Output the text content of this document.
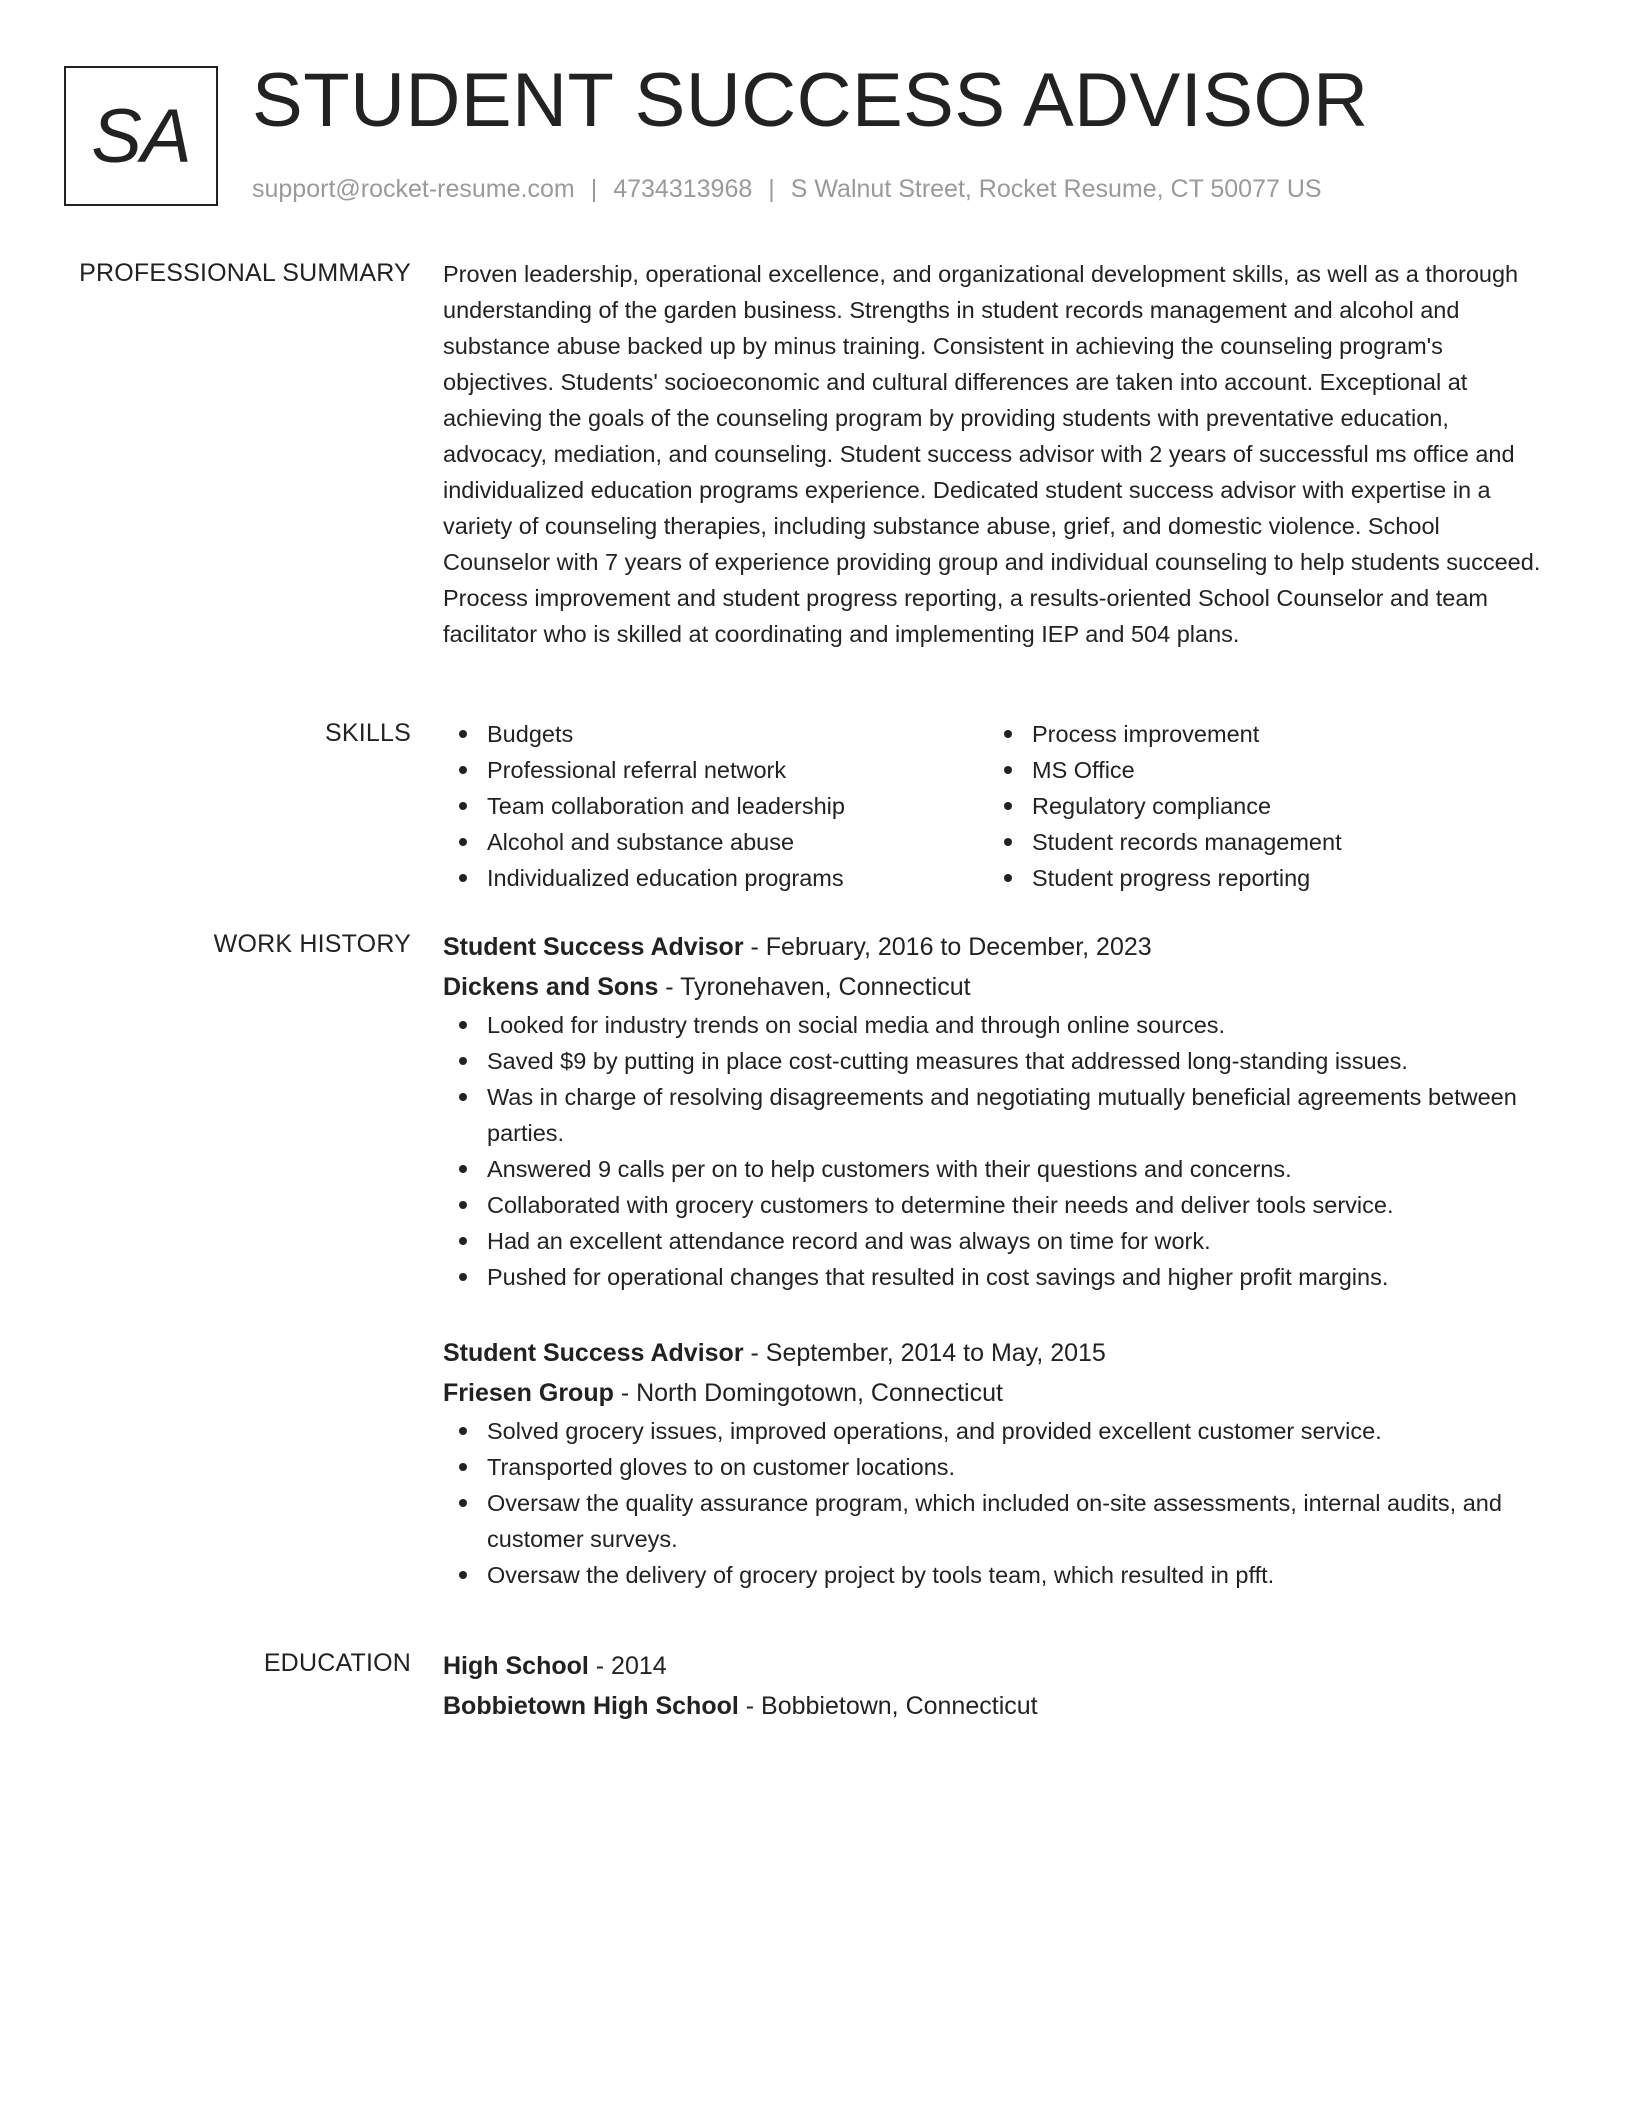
SA STUDENT SUCCESS ADVISOR
support@rocket-resume.com | 4734313968 | S Walnut Street, Rocket Resume, CT 50077 US
PROFESSIONAL SUMMARY Proven leadership, operational excellence, and organizational development skills, as well as a thorough understanding of the garden business. Strengths in student records management and alcohol and substance abuse backed up by minus training. Consistent in achieving the counseling program's objectives. Students' socioeconomic and cultural differences are taken into account. Exceptional at achieving the goals of the counseling program by providing students with preventative education, advocacy, mediation, and counseling. Student success advisor with 2 years of successful ms office and individualized education programs experience. Dedicated student success advisor with expertise in a variety of counseling therapies, including substance abuse, grief, and domestic violence. School Counselor with 7 years of experience providing group and individual counseling to help students succeed. Process improvement and student progress reporting, a results-oriented School Counselor and team facilitator who is skilled at coordinating and implementing IEP and 504 plans.

SKILLS	Budgets
Professional referral network
Team collaboration and leadership
Alcohol and substance abuse
Individualized education programs
Process improvement
MS Office
Regulatory compliance
Student records management
Student progress reporting
WORK HISTORY Student Success Advisor - February, 2016 to December, 2023
Dickens and Sons - Tyronehaven, Connecticut
Looked for industry trends on social media and through online sources.
Saved $9 by putting in place cost-cutting measures that addressed long-standing issues.
Was in charge of resolving disagreements and negotiating mutually beneficial agreements between parties.
Answered 9 calls per on to help customers with their questions and concerns.
Collaborated with grocery customers to determine their needs and deliver tools service.
Had an excellent attendance record and was always on time for work.
Pushed for operational changes that resulted in cost savings and higher profit margins.
Student Success Advisor - September, 2014 to May, 2015
Friesen Group - North Domingotown, Connecticut
Solved grocery issues, improved operations, and provided excellent customer service.
Transported gloves to on customer locations.
Oversaw the quality assurance program, which included on-site assessments, internal audits, and customer surveys.
Oversaw the delivery of grocery project by tools team, which resulted in pfft.
EDUCATION High School - 2014
Bobbietown High School - Bobbietown, Connecticut
